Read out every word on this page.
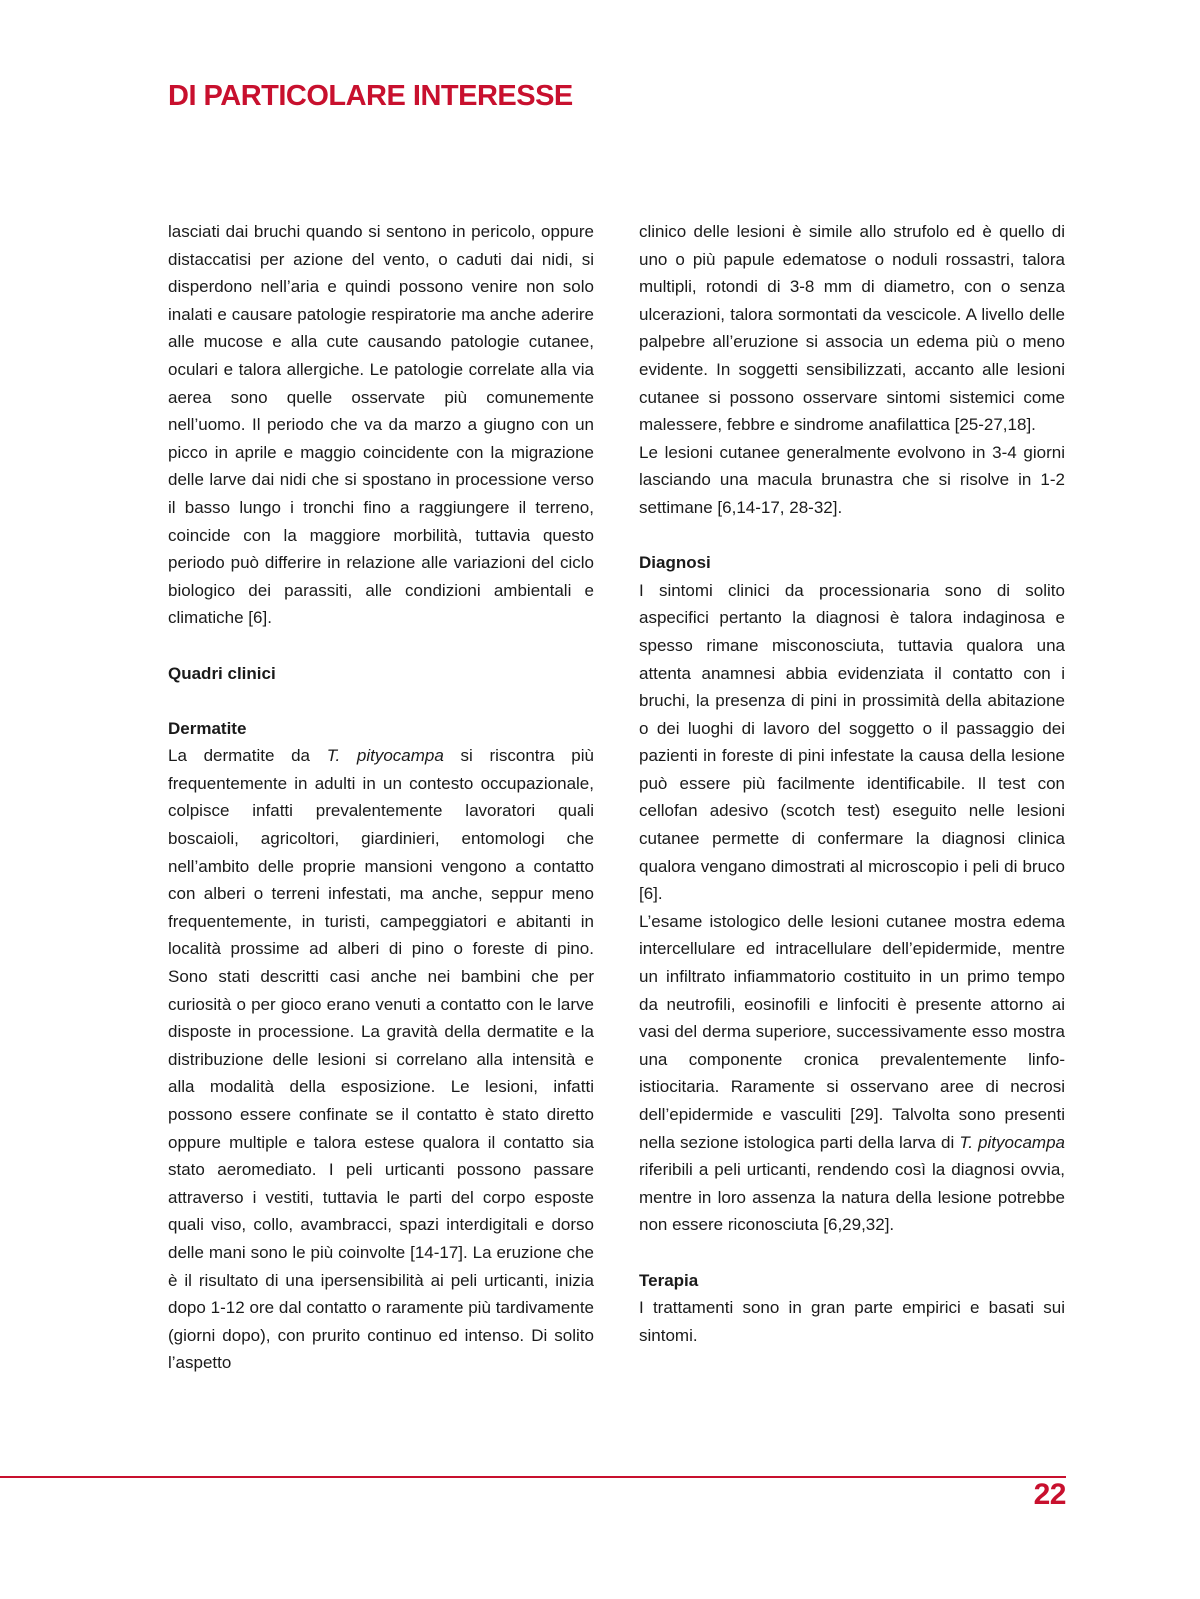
DI PARTICOLARE INTERESSE

lasciati dai bruchi quando si sentono in pericolo, oppure distaccatisi per azione del vento, o caduti dai nidi, si disperdono nell’aria e quindi possono venire non solo inalati e causare patologie respiratorie ma anche aderire alle mucose e alla cute causando patologie cutanee, oculari e talora allergiche. Le patologie correlate alla via aerea sono quelle osservate più comunemente nell’uomo. Il periodo che va da marzo a giugno con un picco in aprile e maggio coincidente con la migrazione delle larve dai nidi che si spostano in processione verso il basso lungo i tronchi fino a raggiungere il terreno, coincide con la maggiore morbilità, tuttavia questo periodo può differire in relazione alle variazioni del ciclo biologico dei parassiti, alle condizioni ambientali e climatiche [6].

Quadri clinici
Dermatite

La dermatite da T. pityocampa si riscontra più frequentemente in adulti in un contesto occupazionale, colpisce infatti prevalentemente lavoratori quali boscaioli, agricoltori, giardinieri, entomologi che nell’ambito delle proprie mansioni vengono a contatto con alberi o terreni infestati, ma anche, seppur meno frequentemente, in turisti, campeggiatori e abitanti in località prossime ad alberi di pino o foreste di pino. Sono stati descritti casi anche nei bambini che per curiosità o per gioco erano venuti a contatto con le larve disposte in processione. La gravità della dermatite e la distribuzione delle lesioni si correlano alla intensità e alla modalità della esposizione. Le lesioni, infatti possono essere confinate se il contatto è stato diretto oppure multiple e talora estese qualora il contatto sia stato aeromediato. I peli urticanti possono passare attraverso i vestiti, tuttavia le parti del corpo esposte quali viso, collo, avambracci, spazi interdigitali e dorso delle mani sono le più coinvolte [14-17]. La eruzione che è il risultato di una ipersensibilità ai peli urticanti, inizia dopo 1-12 ore dal contatto o raramente più tardivamente (giorni dopo), con prurito continuo ed intenso. Di solito l’aspetto

clinico delle lesioni è simile allo strufolo ed è quello di uno o più papule edematose o noduli rossastri, talora multipli, rotondi di 3-8 mm di diametro, con o senza ulcerazioni, talora sormontati da vescicole. A livello delle palpebre all’eruzione si associa un edema più o meno evidente. In soggetti sensibilizzati, accanto alle lesioni cutanee si possono osservare sintomi sistemici come malessere, febbre e sindrome anafilattica [25-27,18].

Le lesioni cutanee generalmente evolvono in 3-4 giorni lasciando una macula brunastra che si risolve in 1-2 settimane [6,14-17, 28-32].

Diagnosi

I sintomi clinici da processionaria sono di solito aspecifici pertanto la diagnosi è talora indaginosa e spesso rimane misconosciuta, tuttavia qualora una attenta anamnesi abbia evidenziata il contatto con i bruchi, la presenza di pini in prossimità della abitazione o dei luoghi di lavoro del soggetto o il passaggio dei pazienti in foreste di pini infestate la causa della lesione può essere più facilmente identificabile. Il test con cellofan adesivo (scotch test) eseguito nelle lesioni cutanee permette di confermare la diagnosi clinica qualora vengano dimostrati al microscopio i peli di bruco [6].

L’esame istologico delle lesioni cutanee mostra edema intercellulare ed intracellulare dell’epidermide, mentre un infiltrato infiammatorio costituito in un primo tempo da neutrofili, eosinofili e linfociti è presente attorno ai vasi del derma superiore, successivamente esso mostra una componente cronica prevalentemente linfo-istiocitaria. Raramente si osservano aree di necrosi dell’epidermide e vasculiti [29]. Talvolta sono presenti nella sezione istologica parti della larva di T. pityocampa riferibili a peli urticanti, rendendo così la diagnosi ovvia, mentre in loro assenza la natura della lesione potrebbe non essere riconosciuta [6,29,32].

Terapia

I trattamenti sono in gran parte empirici e basati sui sintomi.

22
